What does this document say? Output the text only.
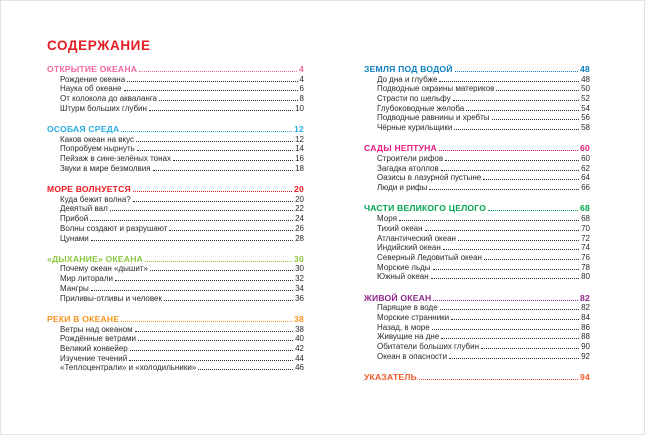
СОДЕРЖАНИЕ
ОТКРЫТИЕ ОКЕАНА	4
Рождение океана	4
Наука об океане	6
От колокола до акваланга	8
Штурм больших глубин	10
ОСОБАЯ СРЕДА	12
Каков океан на вкус	12
Попробуем нырнуть	14
Пейзаж в сине-зелёных тонах	16
Звуки в мире безмолвия	18
МОРЕ ВОЛНУЕТСЯ	20
Куда бежит волна?	20
Девятый вал	22
Прибой	24
Волны создают и разрушают	26
Цунами	28
«ДЫХАНИЕ» ОКЕАНА	30
Почему океан «дышит»	30
Мир литорали	32
Мангры	34
Приливы-отливы и человек	36
РЕКИ В ОКЕАНЕ	38
Ветры над океаном	38
Рождённые ветрами	40
Великий конвейер	42
Изучение течений	44
«Теплоцентрали» и «холодильники»	46
ЗЕМЛЯ ПОД ВОДОЙ	48
До дна и глубже	48
Подводные окраины материков	50
Страсти по шельфу	52
Глубоководные желоба	54
Подводные равнины и хребты	56
Чёрные курильщики	58
САДЫ НЕПТУНА	60
Строители рифов	60
Загадка атоллов	62
Оазисы в лазурной пустыне	64
Люди и рифы	66
ЧАСТИ ВЕЛИКОГО ЦЕЛОГО	68
Моря	68
Тихий океан	70
Атлантический океан	72
Индийский океан	74
Северный Ледовитый океан	76
Морские льды	78
Южный океан	80
ЖИВОЙ ОКЕАН	82
Парящие в воде	82
Морские странники	84
Назад, в море	86
Живущие на дне	88
Обитатели больших глубин	90
Океан в опасности	92
УКАЗАТЕЛЬ	94
